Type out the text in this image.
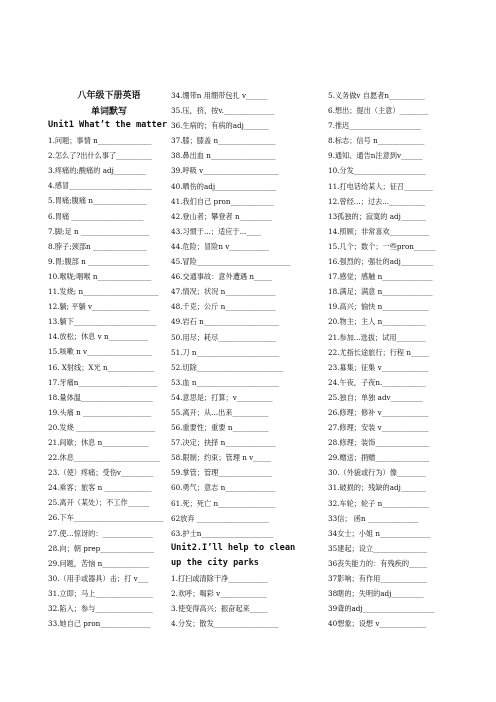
八年级下册英语
单词默写
Unit1 What’t the matter
1.问题；事情 n_______________
2.怎么了?出什么事了__________
3.疼痛的;酸痛的 adj_________
4.感冒_______________________
5.胃痛;腹痛 n_______________
6.胃痛 ____________________
7.脚;足 n ___________________
8.脖子;颈部n _______________
9.胃;腹部 n _________________
10.喉咙;咽喉 n_______________
11.发烧; n_____________________
12.躺; 平躺 v________________
13.躺下_______________________
14.放松；休息 v n___________
15.咳嗽 n v__________________
16. X射线；X光 n_____________
17.牙痛n______________________
18.量体温____________________
19.头痛 n ___________________
20.发烧 ______________________
21.间歇；休息 n_____________
22.休息________________________
23.（使）疼痛；受伤v_________
24.乘客；旅客 n _____________
25.离开（某处）；不工作______
26.下车_________________________
27.使…惊讶的：______________
28.向；朝 prep_______________
29.问题，苦恼 n_____________
30.（用手或器具）击；打 v___
31.立即；马上________________
32.陷入；参与________________
33.她自己 pron______________
34.绷带n 用绷带包扎 v______
35.压，挤，按v.______________
36.生病的；有病的adj_______
37.膝；膝盖 n________________
38.鼻出血 n__________________
39.呼吸 v_____________________
40.晒伤的adj_________________
41.我们自己 pron____________
42.登山者；攀登者 n_________
43.习惯于...；适应于...____
44.危险；冒险n v___________
45.冒险__________________________
46.交通事故：意外遭遇 n_____
47.情况；状况 n______________
48.千克；公斤 n______________
49.岩石 n_____________________
50.用尽；耗尽________________
51.刀 n_______________________
52.切除________________________
53.血 n_______________________
54.意思是；打算；v__________
55.离开；从...出来__________
56.重要性；重要 n__________
57.决定；抉择 n______________
58.限制；约束；管理 n v_____
59.掌管；管理_______________
60.勇气；意志 n______________
61.死；死亡 n________________
62放弃 ____________________
63.护士n____________________
Unit2.I’ll help to clean
up the city parks
1.打扫或清除干净___________
2.欢呼；喝彩 v_____________
3.使变得高兴；振奋起来_____
4.分发；散发__________________
5.义务做v 自愿者n__________
6.想出；提出（主意）________
7.推迟____________________
8.标志；信号 n_____________
9.通知、通告n注意到v______
10.分发____________________
11.打电话给某人；征召________
12.曾经...；过去...__________
13孤独的；寂寞的 adj_______
14.照顾；非常喜欢___________
15.几个；数个；一些pron______
16.强烈的；强壮的adj_________
17.感觉；感触 n______________
18.满足；满意 n______________
19.高兴；愉快 n_____________
20.物主；主人 n____________
21.参加...选拔；试用________
22.尤指长途旅行；行程 n_____
23.募集；征集 v_____________
24.午夜，子夜n.____________
25.独自；单独 adv_________
26.修理；修补 v_____________
27.修理；安装 v_____________
28.修理；装饰_______________
29.赠送；捐赠_______________
30.（外貌或行为）像________
31.破损的；残缺的adj_______
32.车轮；轮子 n_____________
33信； 函n ______________
34女士；小姐 n______________
35建起；设立_______________
36丧失能力的：有残疾的_____
37影响；有作用_____________
38瞎的；失明的adj_________
39聋的adj____________________
40想象；设想 v_____________
